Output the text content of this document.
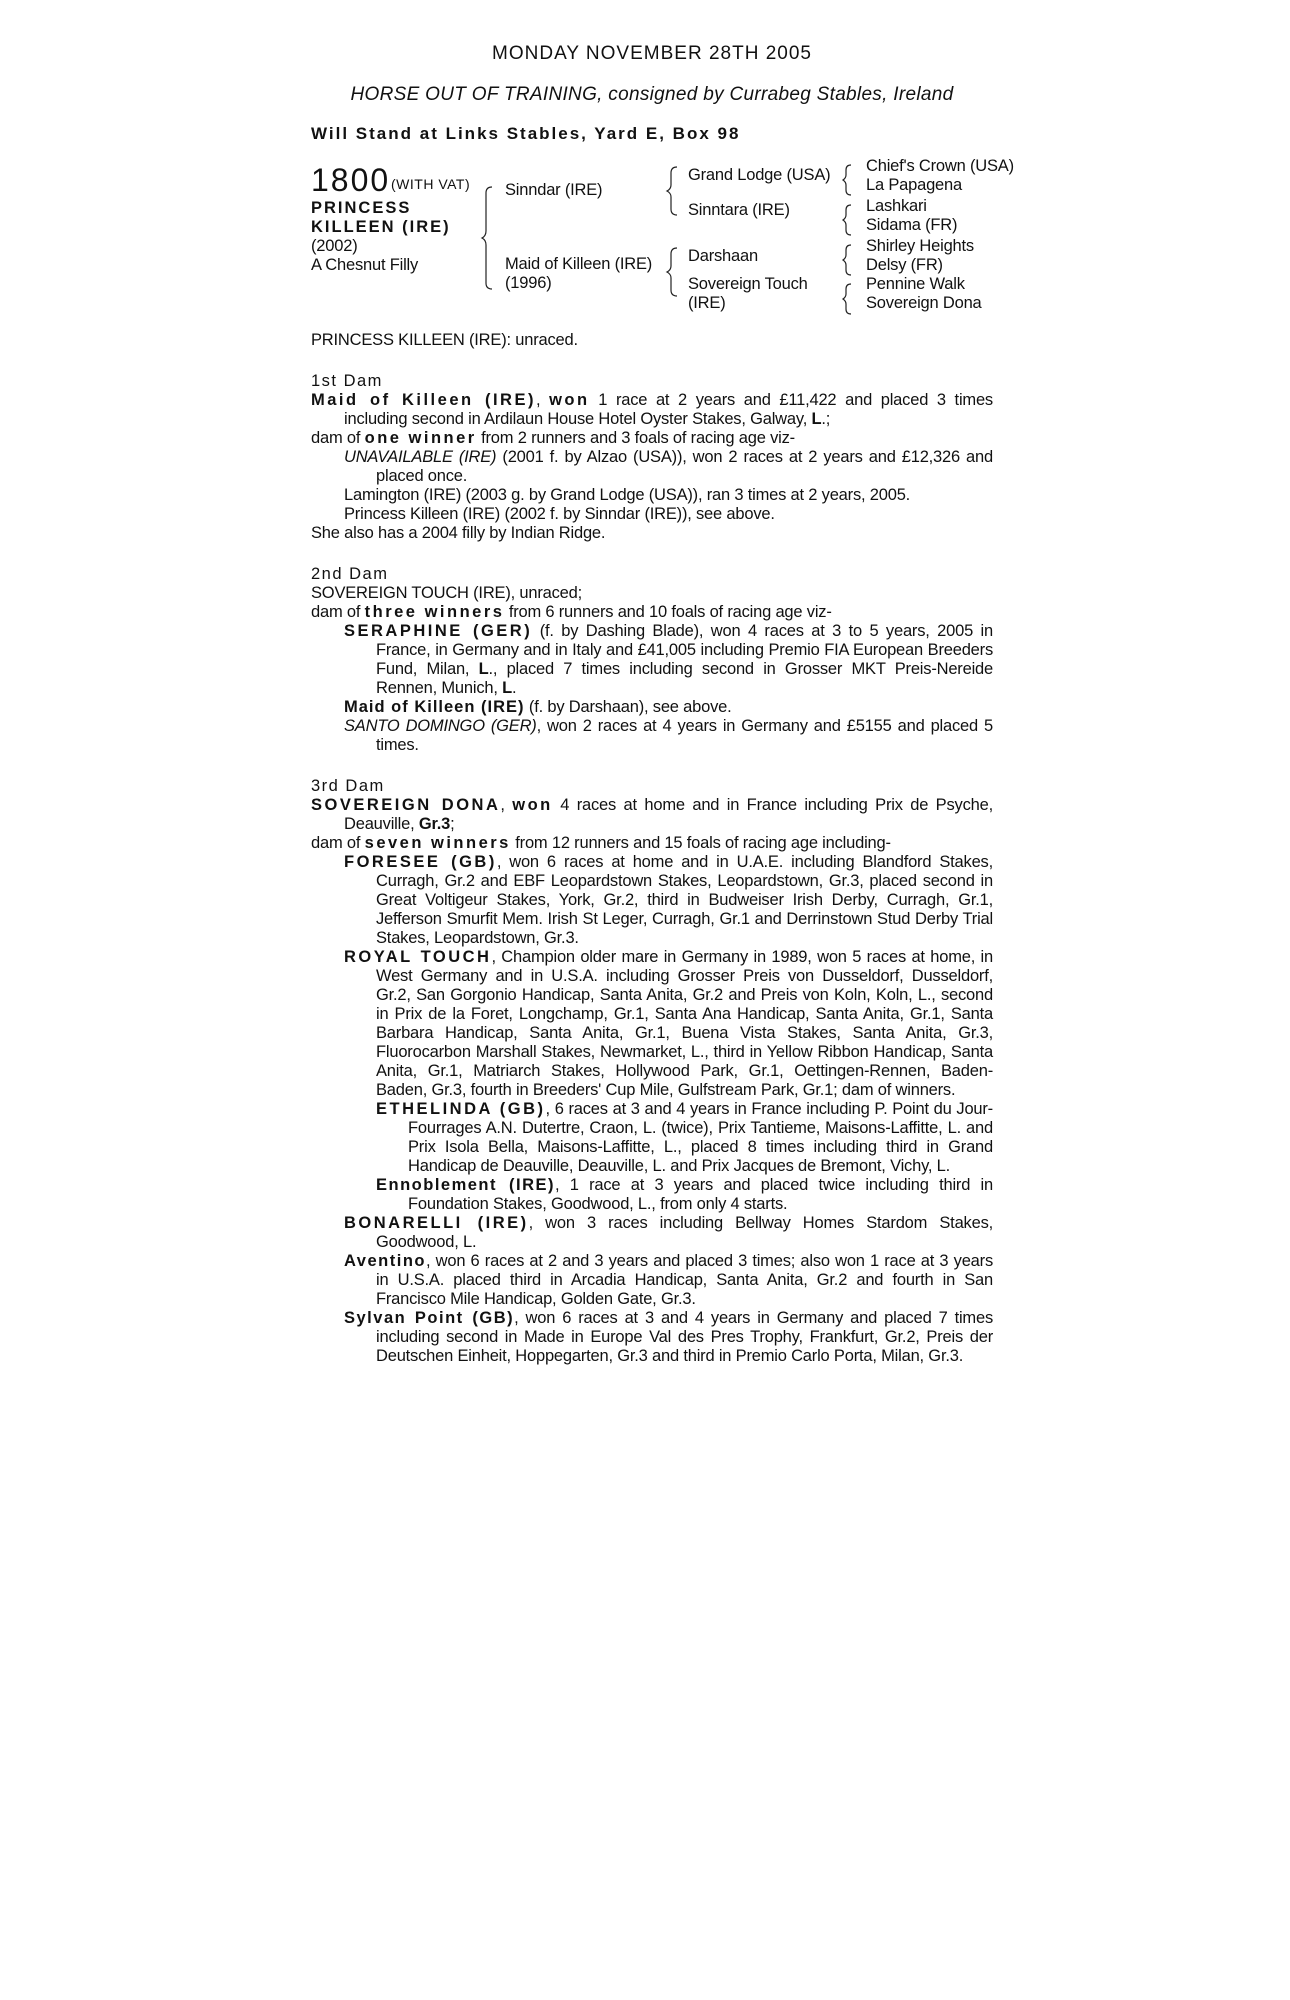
MONDAY NOVEMBER 28TH 2005
HORSE OUT OF TRAINING, consigned by Currabeg Stables, Ireland
Will Stand at Links Stables, Yard E, Box 98
1800 (WITH VAT)
PRINCESS
KILLEEN (IRE)
(2002)
A Chesnut Filly
Sinndar (IRE)
Maid of Killeen (IRE)
(1996)
Grand Lodge (USA)
Sinntara (IRE)
Darshaan
Sovereign Touch
(IRE)
Chief's Crown (USA)
La Papagena
Lashkari
Sidama (FR)
Shirley Heights
Delsy (FR)
Pennine Walk
Sovereign Dona

PRINCESS KILLEEN (IRE): unraced.

1st Dam

Maid of Killeen (IRE), won 1 race at 2 years and £11,422 and placed 3 times including second in Ardilaun House Hotel Oyster Stakes, Galway, L.;

dam of one winner from 2 runners and 3 foals of racing age viz-

UNAVAILABLE (IRE) (2001 f. by Alzao (USA)), won 2 races at 2 years and £12,326 and placed once.

Lamington (IRE) (2003 g. by Grand Lodge (USA)), ran 3 times at 2 years, 2005.

Princess Killeen (IRE) (2002 f. by Sinndar (IRE)), see above.

She also has a 2004 filly by Indian Ridge.

2nd Dam

SOVEREIGN TOUCH (IRE), unraced;

dam of three winners from 6 runners and 10 foals of racing age viz-

SERAPHINE (GER) (f. by Dashing Blade), won 4 races at 3 to 5 years, 2005 in France, in Germany and in Italy and £41,005 including Premio FIA European Breeders Fund, Milan, L., placed 7 times including second in Grosser MKT Preis-Nereide Rennen, Munich, L.

Maid of Killeen (IRE) (f. by Darshaan), see above.

SANTO DOMINGO (GER), won 2 races at 4 years in Germany and £5155 and placed 5 times.

3rd Dam

SOVEREIGN DONA, won 4 races at home and in France including Prix de Psyche, Deauville, Gr.3;

dam of seven winners from 12 runners and 15 foals of racing age including-

FORESEE (GB), won 6 races at home and in U.A.E. including Blandford Stakes, Curragh, Gr.2 and EBF Leopardstown Stakes, Leopardstown, Gr.3, placed second in Great Voltigeur Stakes, York, Gr.2, third in Budweiser Irish Derby, Curragh, Gr.1, Jefferson Smurfit Mem. Irish St Leger, Curragh, Gr.1 and Derrinstown Stud Derby Trial Stakes, Leopardstown, Gr.3.

ROYAL TOUCH, Champion older mare in Germany in 1989, won 5 races at home, in West Germany and in U.S.A. including Grosser Preis von Dusseldorf, Dusseldorf, Gr.2, San Gorgonio Handicap, Santa Anita, Gr.2 and Preis von Koln, Koln, L., second in Prix de la Foret, Longchamp, Gr.1, Santa Ana Handicap, Santa Anita, Gr.1, Santa Barbara Handicap, Santa Anita, Gr.1, Buena Vista Stakes, Santa Anita, Gr.3, Fluorocarbon Marshall Stakes, Newmarket, L., third in Yellow Ribbon Handicap, Santa Anita, Gr.1, Matriarch Stakes, Hollywood Park, Gr.1, Oettingen-Rennen, Baden-Baden, Gr.3, fourth in Breeders' Cup Mile, Gulfstream Park, Gr.1; dam of winners.

ETHELINDA (GB), 6 races at 3 and 4 years in France including P. Point du Jour-Fourrages A.N. Dutertre, Craon, L. (twice), Prix Tantieme, Maisons-Laffitte, L. and Prix Isola Bella, Maisons-Laffitte, L., placed 8 times including third in Grand Handicap de Deauville, Deauville, L. and Prix Jacques de Bremont, Vichy, L.

Ennoblement (IRE), 1 race at 3 years and placed twice including third in Foundation Stakes, Goodwood, L., from only 4 starts.

BONARELLI (IRE), won 3 races including Bellway Homes Stardom Stakes, Goodwood, L.

Aventino, won 6 races at 2 and 3 years and placed 3 times; also won 1 race at 3 years in U.S.A. placed third in Arcadia Handicap, Santa Anita, Gr.2 and fourth in San Francisco Mile Handicap, Golden Gate, Gr.3.

Sylvan Point (GB), won 6 races at 3 and 4 years in Germany and placed 7 times including second in Made in Europe Val des Pres Trophy, Frankfurt, Gr.2, Preis der Deutschen Einheit, Hoppegarten, Gr.3 and third in Premio Carlo Porta, Milan, Gr.3.
